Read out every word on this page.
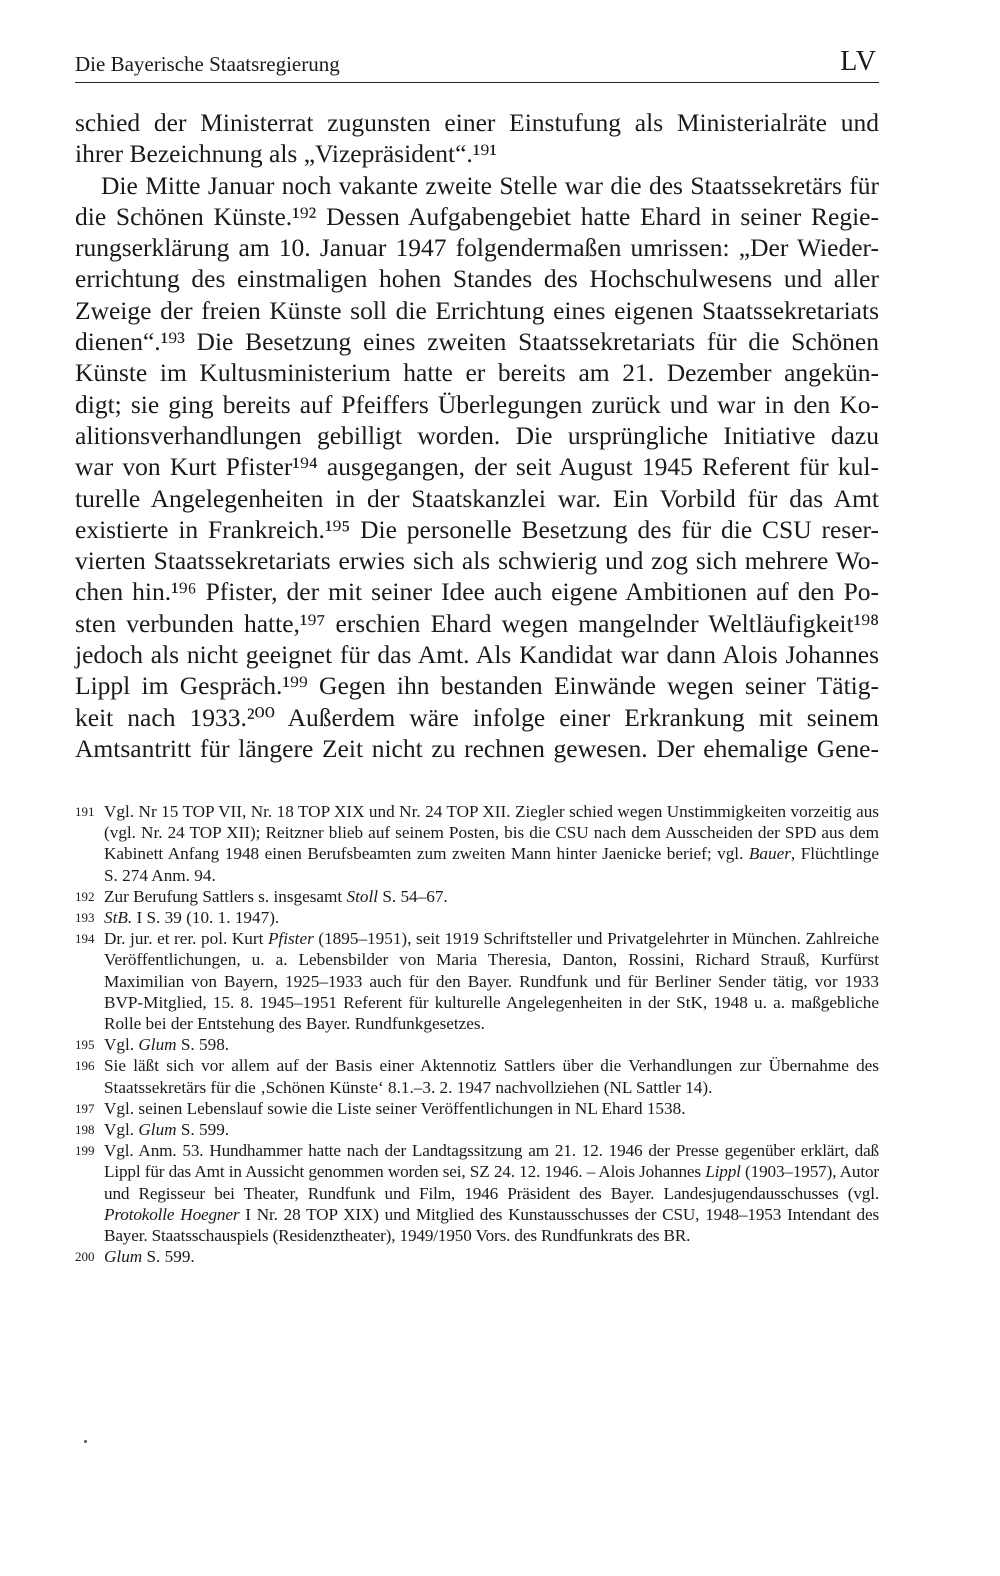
Die Bayerische Staatsregierung	LV
schied der Ministerrat zugunsten einer Einstufung als Ministerialräte und
ihrer Bezeichnung als „Vizepräsident“.¹⁹¹
Die Mitte Januar noch vakante zweite Stelle war die des Staatssekretärs für
die Schönen Künste.¹⁹² Dessen Aufgabengebiet hatte Ehard in seiner Regie-
rungserklärung am 10. Januar 1947 folgendermaßen umrissen: „Der Wieder-
errichtung des einstmaligen hohen Standes des Hochschulwesens und aller
Zweige der freien Künste soll die Errichtung eines eigenen Staatssekretariats
dienen“.¹⁹³ Die Besetzung eines zweiten Staatssekretariats für die Schönen
Künste im Kultusministerium hatte er bereits am 21. Dezember angekün-
digt; sie ging bereits auf Pfeiffers Überlegungen zurück und war in den Ko-
alitionsverhandlungen gebilligt worden. Die ursprüngliche Initiative dazu
war von Kurt Pfister¹⁹⁴ ausgegangen, der seit August 1945 Referent für kul-
turelle Angelegenheiten in der Staatskanzlei war. Ein Vorbild für das Amt
existierte in Frankreich.¹⁹⁵ Die personelle Besetzung des für die CSU reser-
vierten Staatssekretariats erwies sich als schwierig und zog sich mehrere Wo-
chen hin.¹⁹⁶ Pfister, der mit seiner Idee auch eigene Ambitionen auf den Po-
sten verbunden hatte,¹⁹⁷ erschien Ehard wegen mangelnder Weltläufigkeit¹⁹⁸
jedoch als nicht geeignet für das Amt. Als Kandidat war dann Alois Johannes
Lippl im Gespräch.¹⁹⁹ Gegen ihn bestanden Einwände wegen seiner Tätig-
keit nach 1933.²⁰⁰ Außerdem wäre infolge einer Erkrankung mit seinem
Amtsantritt für längere Zeit nicht zu rechnen gewesen. Der ehemalige Gene-
191 Vgl. Nr 15 TOP VII, Nr. 18 TOP XIX und Nr. 24 TOP XII. Ziegler schied wegen Unstimmigkeiten vorzeitig aus (vgl. Nr. 24 TOP XII); Reitzner blieb auf seinem Posten, bis die CSU nach dem Ausscheiden der SPD aus dem Kabinett Anfang 1948 einen Berufsbeamten zum zweiten Mann hinter Jaenicke berief; vgl. Bauer, Flüchtlinge S. 274 Anm. 94.
192 Zur Berufung Sattlers s. insgesamt Stoll S. 54–67.
193 StB. I S. 39 (10. 1. 1947).
194 Dr. jur. et rer. pol. Kurt Pfister (1895–1951), seit 1919 Schriftsteller und Privatgelehrter in München. Zahlreiche Veröffentlichungen, u. a. Lebensbilder von Maria Theresia, Danton, Rossini, Richard Strauß, Kurfürst Maximilian von Bayern, 1925–1933 auch für den Bayer. Rundfunk und für Berliner Sender tätig, vor 1933 BVP-Mitglied, 15. 8. 1945–1951 Referent für kulturelle Angelegenheiten in der StK, 1948 u. a. maßgebliche Rolle bei der Entstehung des Bayer. Rundfunkgesetzes.
195 Vgl. Glum S. 598.
196 Sie läßt sich vor allem auf der Basis einer Aktennotiz Sattlers über die Verhandlungen zur Übernahme des Staatssekretärs für die ‚Schönen Künste‘ 8.1.–3. 2. 1947 nachvollziehen (NL Sattler 14).
197 Vgl. seinen Lebenslauf sowie die Liste seiner Veröffentlichungen in NL Ehard 1538.
198 Vgl. Glum S. 599.
199 Vgl. Anm. 53. Hundhammer hatte nach der Landtagssitzung am 21. 12. 1946 der Presse gegenüber erklärt, daß Lippl für das Amt in Aussicht genommen worden sei, SZ 24. 12. 1946. – Alois Johannes Lippl (1903–1957), Autor und Regisseur bei Theater, Rundfunk und Film, 1946 Präsident des Bayer. Landesjugendausschusses (vgl. Protokolle Hoegner I Nr. 28 TOP XIX) und Mitglied des Kunstausschusses der CSU, 1948–1953 Intendant des Bayer. Staatsschauspiels (Residenztheater), 1949/1950 Vors. des Rundfunkrats des BR.
200 Glum S. 599.
